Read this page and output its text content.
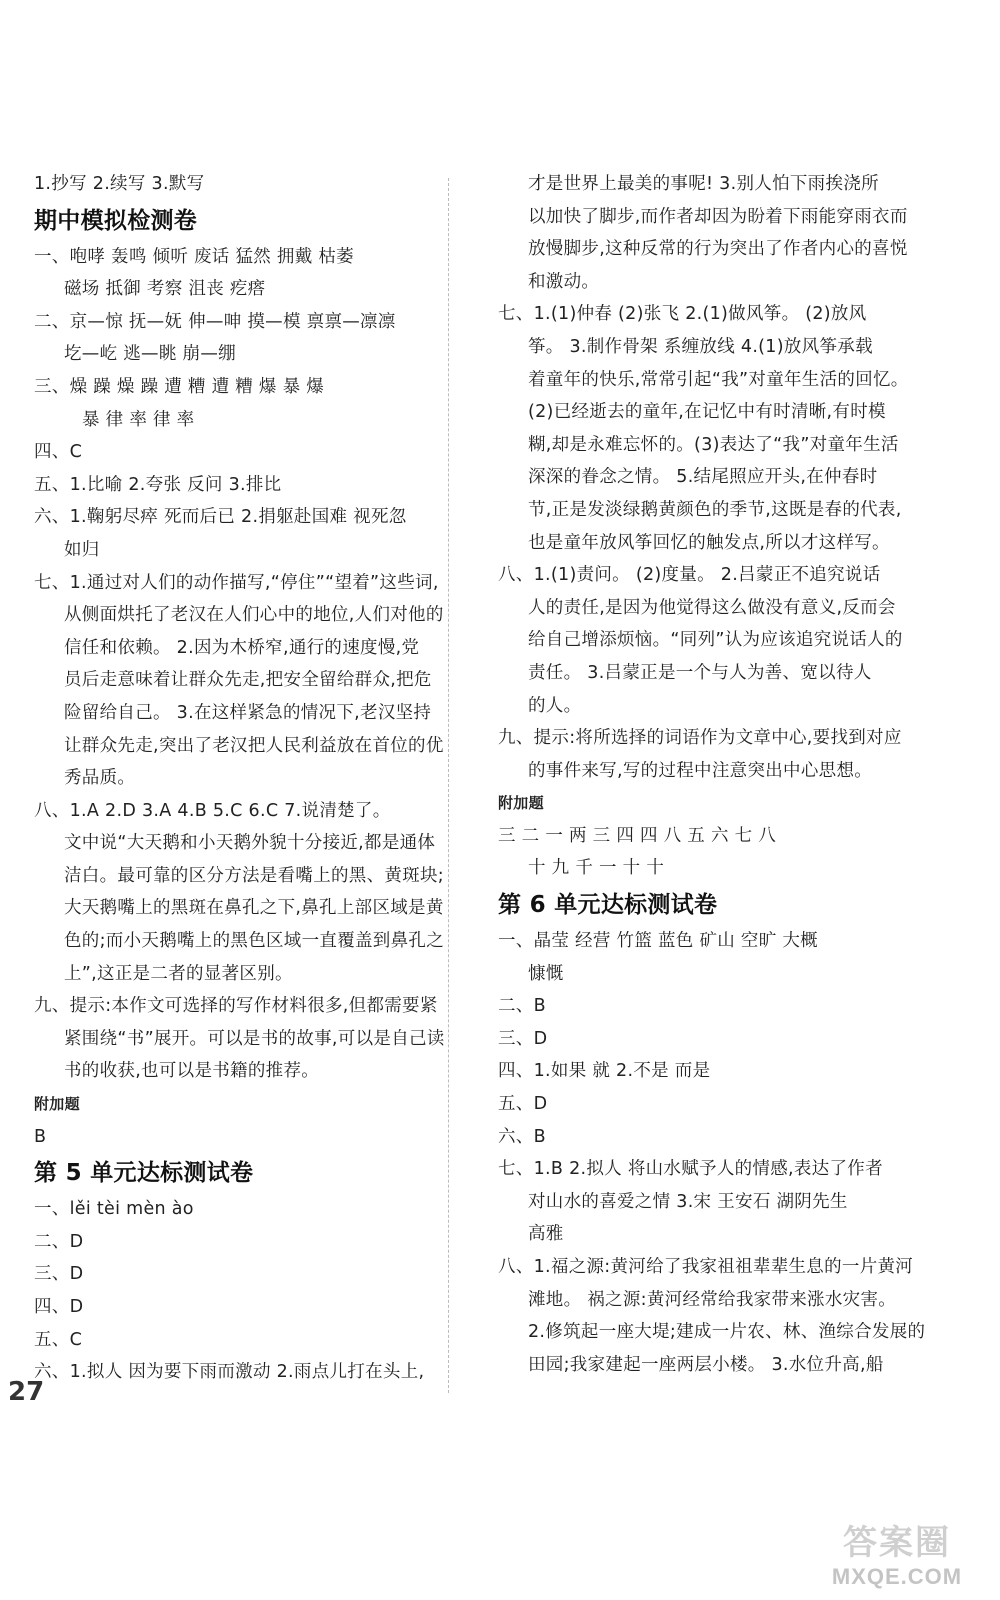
1.抄写 2.续写 3.默写
期中模拟检测卷
一、咆哮 轰鸣 倾听 废话 猛然 拥戴 枯萎
磁场 抵御 考察 沮丧 疙瘩
二、京—惊 抚—妩 伸—呻 摸—模 禀禀—凛凛
圪—屹 逃—眺 崩—绷
三、燥 躁 燥 躁 遭 糟 遭 糟 爆 暴 爆
暴 律 率 律 率
四、C
五、1.比喻 2.夸张 反问 3.排比
六、1.鞠躬尽瘁 死而后已 2.捐躯赴国难 视死忽
如归
七、1.通过对人们的动作描写,“停住”“望着”这些词,
从侧面烘托了老汉在人们心中的地位,人们对他的
信任和依赖。 2.因为木桥窄,通行的速度慢,党
员后走意味着让群众先走,把安全留给群众,把危
险留给自己。 3.在这样紧急的情况下,老汉坚持
让群众先走,突出了老汉把人民利益放在首位的优
秀品质。
八、1.A 2.D 3.A 4.B 5.C 6.C 7.说清楚了。
文中说“大天鹅和小天鹅外貌十分接近,都是通体
洁白。最可靠的区分方法是看嘴上的黑、黄斑块;
大天鹅嘴上的黑斑在鼻孔之下,鼻孔上部区域是黄
色的;而小天鹅嘴上的黑色区域一直覆盖到鼻孔之
上”,这正是二者的显著区别。
九、提示:本作文可选择的写作材料很多,但都需要紧
紧围绕“书”展开。可以是书的故事,可以是自己读
书的收获,也可以是书籍的推荐。
附加题
B
第 5 单元达标测试卷
一、lěi tèi mèn ào
二、D
三、D
四、D
五、C
六、1.拟人 因为要下雨而激动 2.雨点儿打在头上,
才是世界上最美的事呢! 3.别人怕下雨挨浇所
以加快了脚步,而作者却因为盼着下雨能穿雨衣而
放慢脚步,这种反常的行为突出了作者内心的喜悦
和激动。
七、1.(1)仲春 (2)张飞 2.(1)做风筝。 (2)放风
筝。 3.制作骨架 系缠放线 4.(1)放风筝承载
着童年的快乐,常常引起“我”对童年生活的回忆。
(2)已经逝去的童年,在记忆中有时清晰,有时模
糊,却是永难忘怀的。(3)表达了“我”对童年生活
深深的眷念之情。 5.结尾照应开头,在仲春时
节,正是发淡绿鹅黄颜色的季节,这既是春的代表,
也是童年放风筝回忆的触发点,所以才这样写。
八、1.(1)责问。 (2)度量。 2.吕蒙正不追究说话
人的责任,是因为他觉得这么做没有意义,反而会
给自己增添烦恼。“同列”认为应该追究说话人的
责任。 3.吕蒙正是一个与人为善、宽以待人
的人。
九、提示:将所选择的词语作为文章中心,要找到对应
的事件来写,写的过程中注意突出中心思想。
附加题
三 二 一 两 三 四 四 八 五 六 七 八
十 九 千 一 十 十
第 6 单元达标测试卷
一、晶莹 经营 竹篮 蓝色 矿山 空旷 大概
慷慨
二、B
三、D
四、1.如果 就 2.不是 而是
五、D
六、B
七、1.B 2.拟人 将山水赋予人的情感,表达了作者
对山水的喜爱之情 3.宋 王安石 湖阴先生
高雅
八、1.福之源:黄河给了我家祖祖辈辈生息的一片黄河
滩地。 祸之源:黄河经常给我家带来涨水灾害。
2.修筑起一座大堤;建成一片农、林、渔综合发展的
田园;我家建起一座两层小楼。 3.水位升高,船
27
答案圈
MXQE.COM
